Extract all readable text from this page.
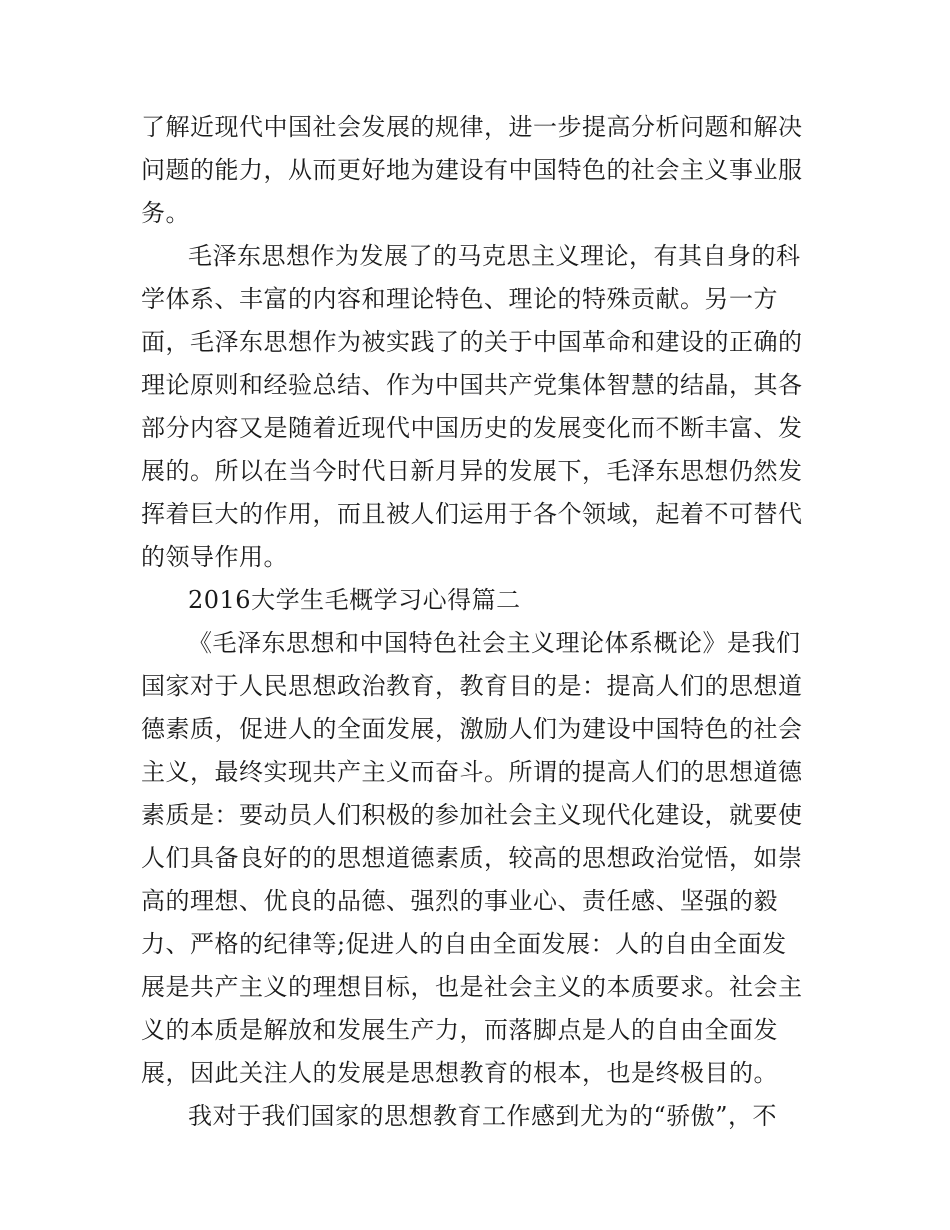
了解近现代中国社会发展的规律，进一步提高分析问题和解决
问题的能力，从而更好地为建设有中国特色的社会主义事业服
务。
毛泽东思想作为发展了的马克思主义理论，有其自身的科
学体系、丰富的内容和理论特色、理论的特殊贡献。另一方
面，毛泽东思想作为被实践了的关于中国革命和建设的正确的
理论原则和经验总结、作为中国共产党集体智慧的结晶，其各
部分内容又是随着近现代中国历史的发展变化而不断丰富、发
展的。所以在当今时代日新月异的发展下，毛泽东思想仍然发
挥着巨大的作用，而且被人们运用于各个领域，起着不可替代
的领导作用。
2016大学生毛概学习心得篇二
《毛泽东思想和中国特色社会主义理论体系概论》是我们
国家对于人民思想政治教育，教育目的是：提高人们的思想道
德素质，促进人的全面发展，激励人们为建设中国特色的社会
主义，最终实现共产主义而奋斗。所谓的提高人们的思想道德
素质是：要动员人们积极的参加社会主义现代化建设，就要使
人们具备良好的的思想道德素质，较高的思想政治觉悟，如崇
高的理想、优良的品德、强烈的事业心、责任感、坚强的毅
力、严格的纪律等;促进人的自由全面发展：人的自由全面发
展是共产主义的理想目标，也是社会主义的本质要求。社会主
义的本质是解放和发展生产力，而落脚点是人的自由全面发
展，因此关注人的发展是思想教育的根本，也是终极目的。
我对于我们国家的思想教育工作感到尤为的“骄傲”，不
